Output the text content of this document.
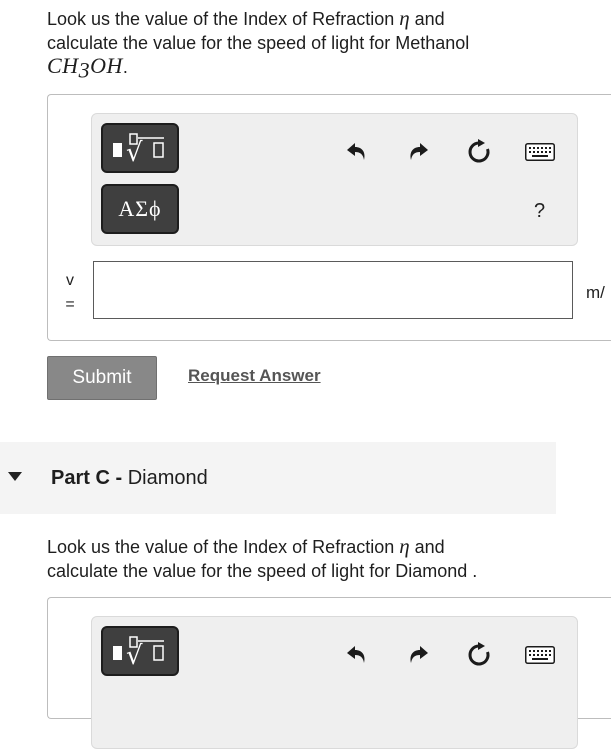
Look us the value of the Index of Refraction η and
calculate the value for the speed of light for Methanol
$CH_3OH$.
√
ΑΣϕ	?
v
=
m/
Submit	Request Answer
Part C - Diamond
Look us the value of the Index of Refraction η and
calculate the value for the speed of light for Diamond .
√
